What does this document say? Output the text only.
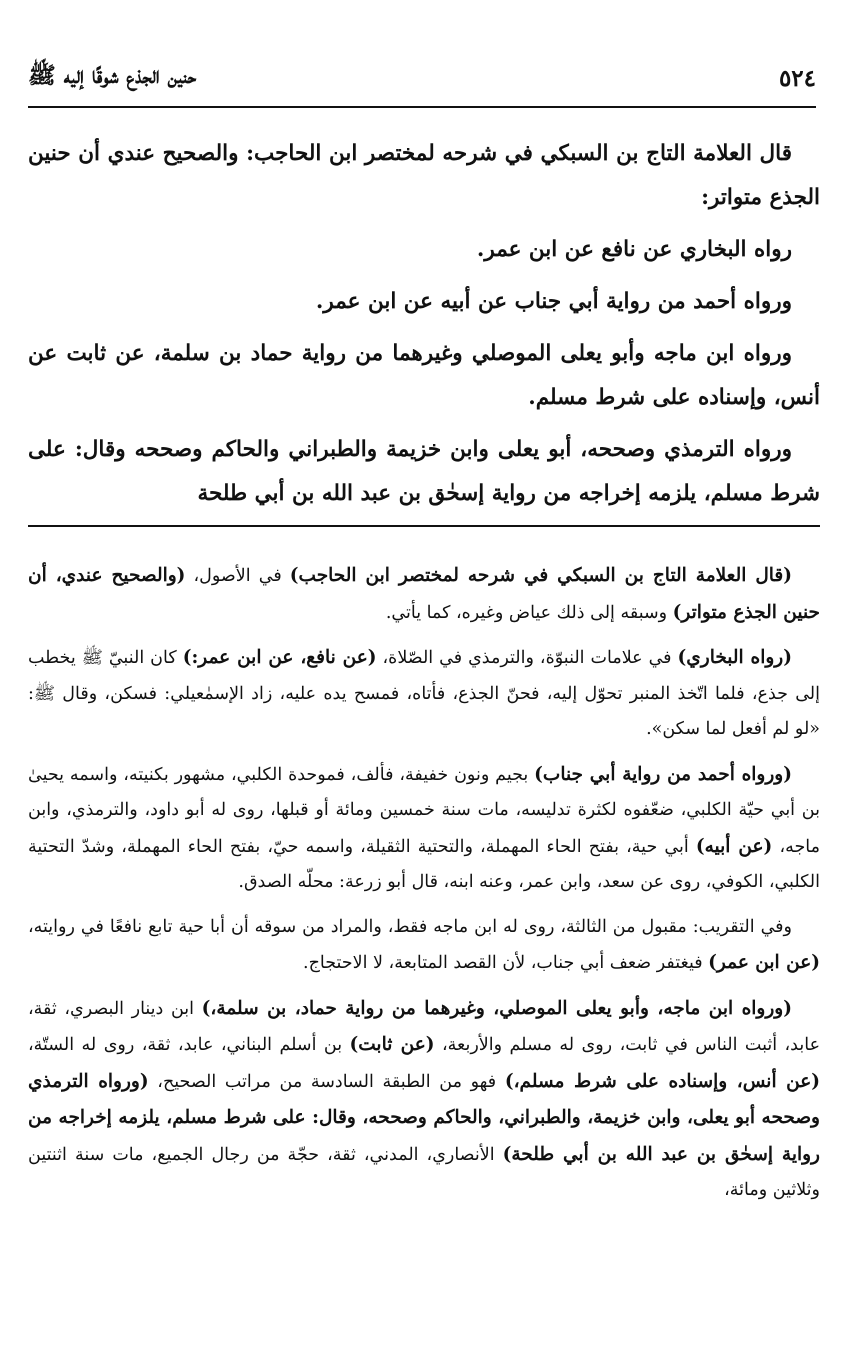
٥٢٤
حنين الجذع شوقًا إليه ﷺ

قال العلامة التاج بن السبكي في شرحه لمختصر ابن الحاجب: والصحيح عندي أن حنين الجذع متواتر:

رواه البخاري عن نافع عن ابن عمر.

ورواه أحمد من رواية أبي جناب عن أبيه عن ابن عمر.

ورواه ابن ماجه وأبو يعلى الموصلي وغيرهما من رواية حماد بن سلمة، عن ثابت عن أنس، وإسناده على شرط مسلم.

ورواه الترمذي وصححه، أبو يعلى وابن خزيمة والطبراني والحاكم وصححه وقال: على شرط مسلم، يلزمه إخراجه من رواية إسحٰق بن عبد الله بن أبي طلحة

(قال العلامة التاج بن السبكي في شرحه لمختصر ابن الحاجب) في الأصول، (والصحيح عندي، أن حنين الجذع متواتر) وسبقه إلى ذلك عياض وغيره، كما يأتي.

(رواه البخاري) في علامات النبوّة، والترمذي في الصّلاة، (عن نافع، عن ابن عمر:) كان النبيّ ﷺ يخطب إلى جذع، فلما اتّخذ المنبر تحوّل إليه، فحنّ الجذع، فأتاه، فمسح يده عليه، زاد الإسمٰعيلي: فسكن، وقال ﷺ: «لو لم أفعل لما سكن».

(ورواه أحمد من رواية أبي جناب) بجيم ونون خفيفة، فألف، فموحدة الكلبي، مشهور بكنيته، واسمه يحيىٰ بن أبي حيّة الكلبي، ضعّفوه لكثرة تدليسه، مات سنة خمسين ومائة أو قبلها، روى له أبو داود، والترمذي، وابن ماجه، (عن أبيه) أبي حية، بفتح الحاء المهملة، والتحتية الثقيلة، واسمه حيّ، بفتح الحاء المهملة، وشدّ التحتية الكلبي، الكوفي، روى عن سعد، وابن عمر، وعنه ابنه، قال أبو زرعة: محلّه الصدق.

وفي التقريب: مقبول من الثالثة، روى له ابن ماجه فقط، والمراد من سوقه أن أبا حية تابع نافعًا في روايته، (عن ابن عمر) فيغتفر ضعف أبي جناب، لأن القصد المتابعة، لا الاحتجاج.

(ورواه ابن ماجه، وأبو يعلى الموصلي، وغيرهما من رواية حماد، بن سلمة،) ابن دينار البصري، ثقة، عابد، أثبت الناس في ثابت، روى له مسلم والأربعة، (عن ثابت) بن أسلم البناني، عابد، ثقة، روى له الستّة، (عن أنس، وإسناده على شرط مسلم،) فهو من الطبقة السادسة من مراتب الصحيح، (ورواه الترمذي وصححه أبو يعلى، وابن خزيمة، والطبراني، والحاكم وصححه، وقال: على شرط مسلم، يلزمه إخراجه من رواية إسحٰق بن عبد الله بن أبي طلحة) الأنصاري، المدني، ثقة، حجّة من رجال الجميع، مات سنة اثنتين وثلاثين ومائة،
